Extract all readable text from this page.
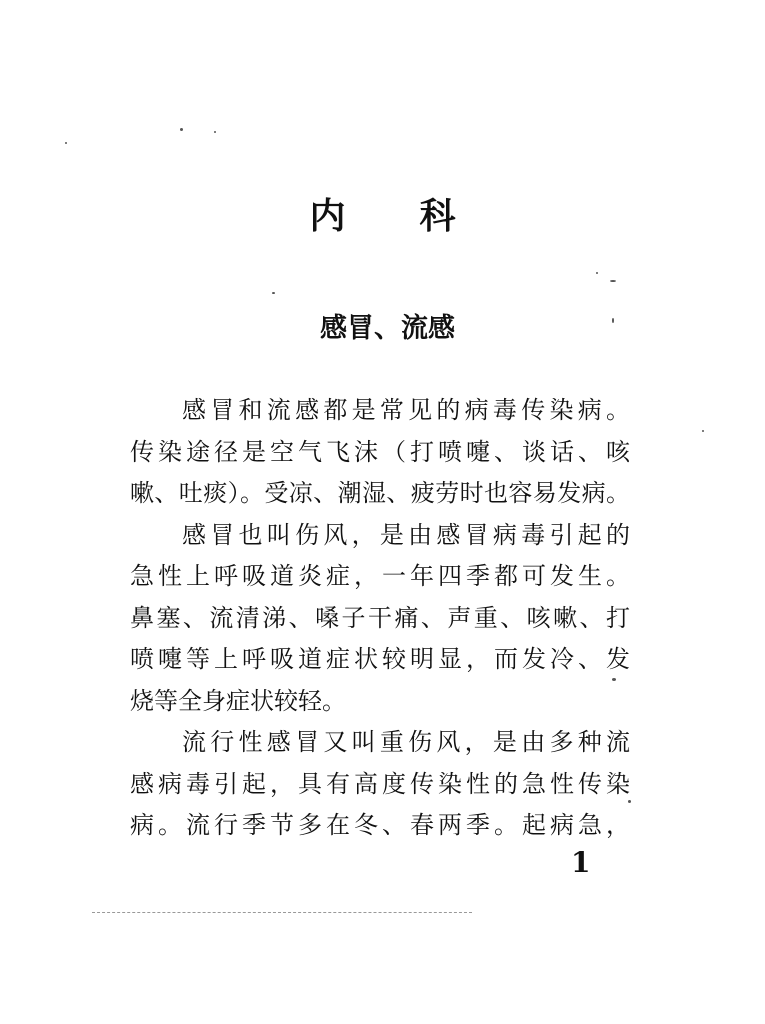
内 科
感冒、流感
感冒和流感都是常见的病毒传染病。
传染途径是空气飞沫（打喷嚏、谈话、咳
嗽、吐痰）。受凉、潮湿、疲劳时也容易发病。
感冒也叫伤风，是由感冒病毒引起的
急性上呼吸道炎症，一年四季都可发生。
鼻塞、流清涕、嗓子干痛、声重、咳嗽、打
喷嚏等上呼吸道症状较明显，而发冷、发
烧等全身症状较轻。
流行性感冒又叫重伤风，是由多种流
感病毒引起，具有高度传染性的急性传染
病。流行季节多在冬、春两季。起病急，
1
